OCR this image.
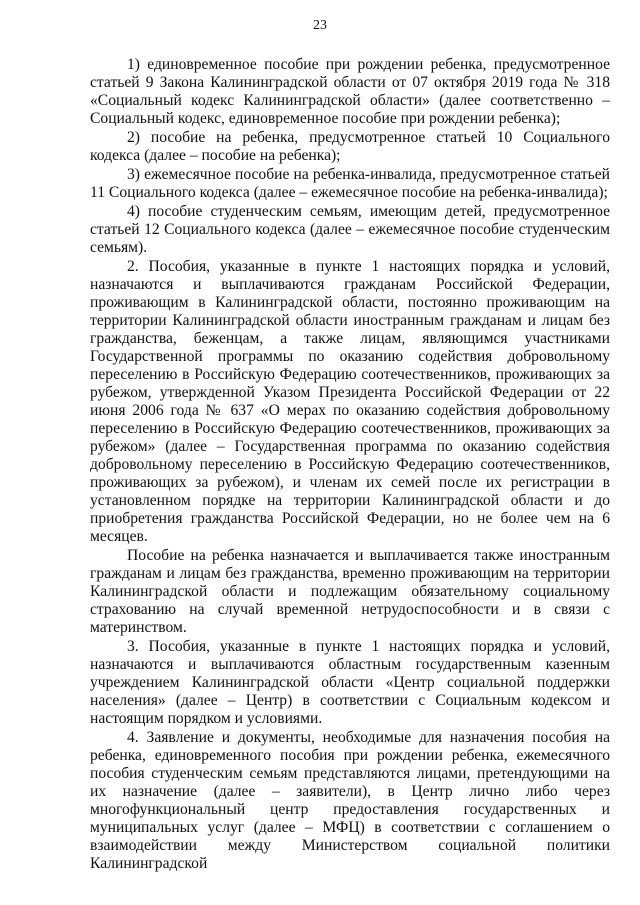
23

1) единовременное пособие при рождении ребенка, предусмотренное статьей 9 Закона Калининградской области от 07 октября 2019 года № 318 «Социальный кодекс Калининградской области» (далее соответственно – Социальный кодекс, единовременное пособие при рождении ребенка);

2) пособие на ребенка, предусмотренное статьей 10 Социального кодекса (далее – пособие на ребенка);

3) ежемесячное пособие на ребенка-инвалида, предусмотренное статьей 11 Социального кодекса (далее – ежемесячное пособие на ребенка-инвалида);

4) пособие студенческим семьям, имеющим детей, предусмотренное статьей 12 Социального кодекса (далее – ежемесячное пособие студенческим семьям).

2. Пособия, указанные в пункте 1 настоящих порядка и условий, назначаются и выплачиваются гражданам Российской Федерации, проживающим в Калининградской области, постоянно проживающим на территории Калининградской области иностранным гражданам и лицам без гражданства, беженцам, а также лицам, являющимся участниками Государственной программы по оказанию содействия добровольному переселению в Российскую Федерацию соотечественников, проживающих за рубежом, утвержденной Указом Президента Российской Федерации от 22 июня 2006 года № 637 «О мерах по оказанию содействия добровольному переселению в Российскую Федерацию соотечественников, проживающих за рубежом» (далее – Государственная программа по оказанию содействия добровольному переселению в Российскую Федерацию соотечественников, проживающих за рубежом), и членам их семей после их регистрации в установленном порядке на территории Калининградской области и до приобретения гражданства Российской Федерации, но не более чем на 6 месяцев.

Пособие на ребенка назначается и выплачивается также иностранным гражданам и лицам без гражданства, временно проживающим на территории Калининградской области и подлежащим обязательному социальному страхованию на случай временной нетрудоспособности и в связи с материнством.

3. Пособия, указанные в пункте 1 настоящих порядка и условий, назначаются и выплачиваются областным государственным казенным учреждением Калининградской области «Центр социальной поддержки населения» (далее – Центр) в соответствии с Социальным кодексом и настоящим порядком и условиями.

4. Заявление и документы, необходимые для назначения пособия на ребенка, единовременного пособия при рождении ребенка, ежемесячного пособия студенческим семьям представляются лицами, претендующими на их назначение (далее – заявители), в Центр лично либо через многофункциональный центр предоставления государственных и муниципальных услуг (далее – МФЦ) в соответствии с соглашением о взаимодействии между Министерством социальной политики Калининградской
